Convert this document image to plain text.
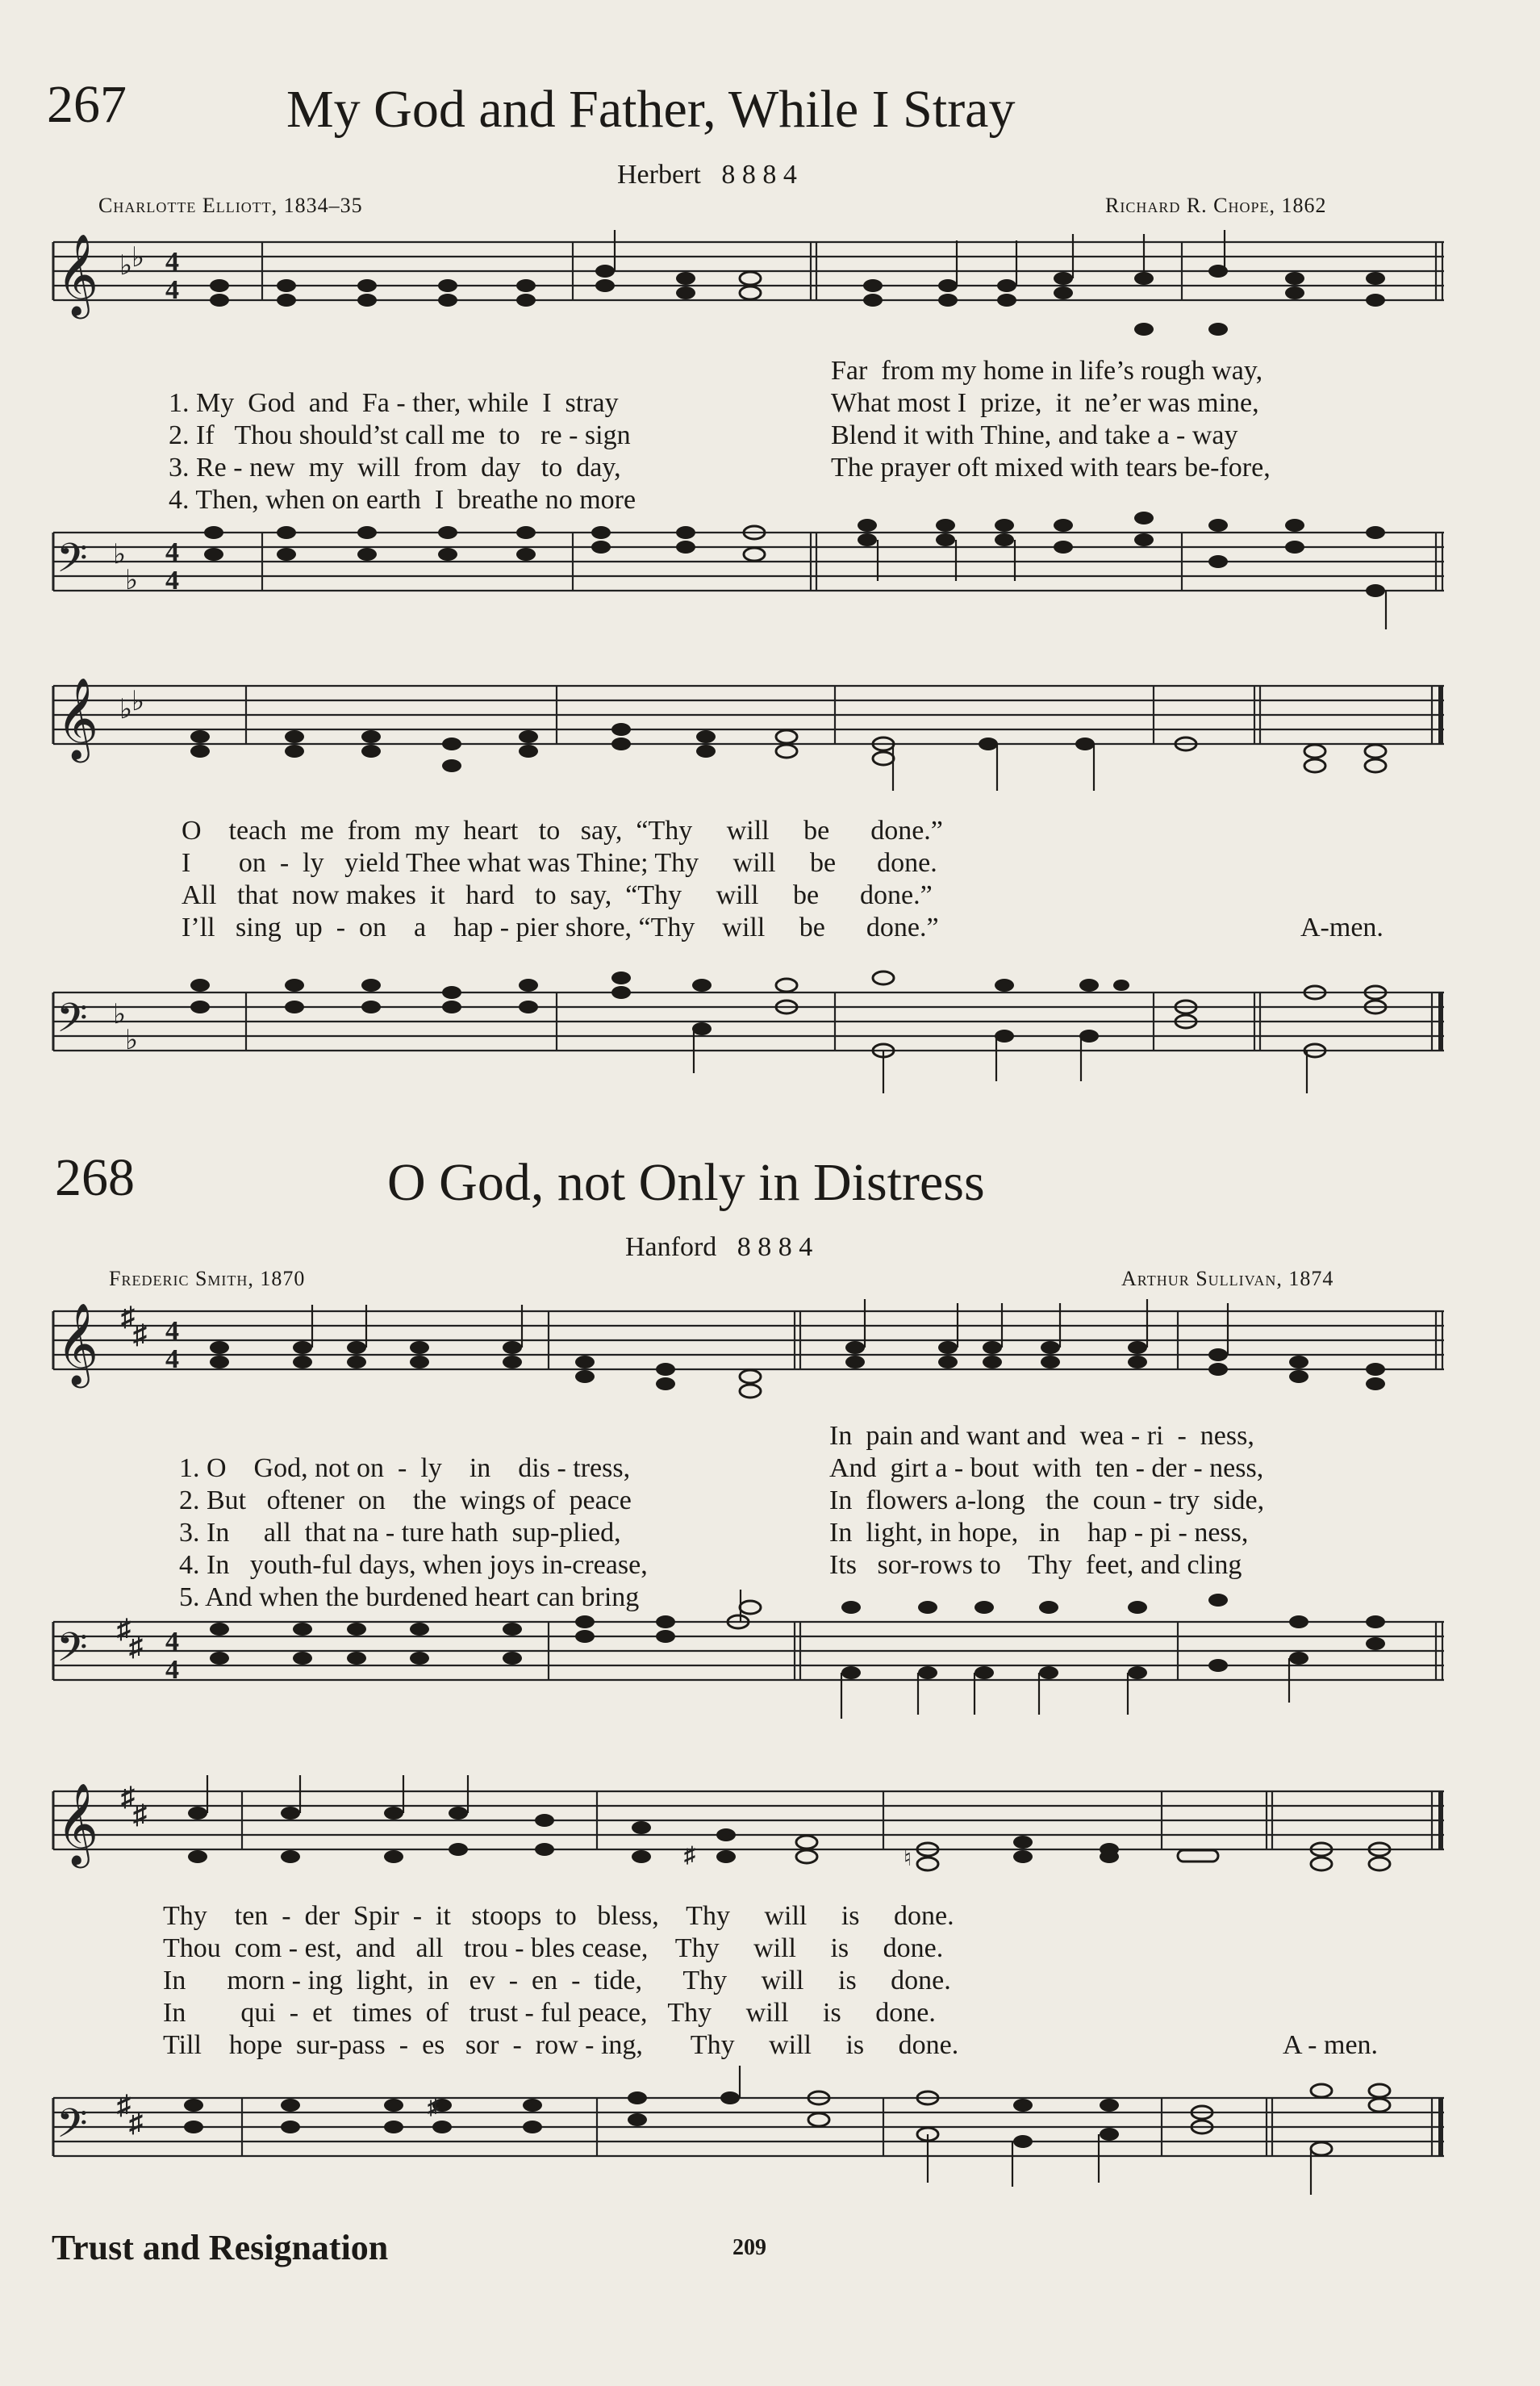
267	My God and Father, While I Stray
Herbert 8 8 8 4
Charlotte Elliott, 1834–35	Richard R. Chope, 1862
𝄞 ♭
♭ 4
4

1. My  God  and  Fa - ther, while  I  stray

Far  from my home in life’s rough way,

2. If   Thou should’st call me  to   re - sign

What most I  prize,  it  ne’er was mine,

3. Re - new  my  will  from  day   to  day,

Blend it with Thine, and take a - way

4. Then, when on earth  I  breathe no more

The prayer oft mixed with tears be-fore,
𝄢 ♭
♭
4
4
𝄞 ♭
♭
O    teach  me  from  my  heart   to   say,  “Thy     will     be      done.”
I       on  -  ly   yield Thee what was Thine; Thy     will     be      done.
All   that  now makes  it   hard   to  say,  “Thy     will     be      done.”
I’ll   sing  up  -  on    a    hap - pier shore, “Thy    will     be      done.”	A-men.
𝄢 ♭
♭
268	O God, not Only in Distress
Hanford 8 8 8 4
Frederic Smith, 1870	Arthur Sullivan, 1874
𝄞 ♯
♯ 4
4

1. O    God, not on  -  ly    in    dis - tress,

In  pain and want and  wea - ri  -  ness,

2. But   oftener  on    the  wings of  peace

And  girt a - bout  with  ten - der - ness,

3. In     all  that na - ture hath  sup-plied,

In  flowers a-long   the  coun - try  side,

4. In   youth-ful days, when joys in-crease,

In  light, in hope,   in    hap - pi - ness,

5. And when the burdened heart can bring

Its   sor-rows to    Thy  feet, and cling
𝄢 ♯
♯ 4
4
𝄞 ♯
♯
♯	♮
Thy    ten  -  der  Spir  -  it   stoops  to   bless,    Thy     will     is     done.
Thou  com - est,  and   all   trou - bles cease,    Thy     will     is     done.
In      morn - ing  light,  in   ev  -  en  -  tide,      Thy     will     is     done.
In        qui  -  et   times  of   trust - ful peace,   Thy     will     is     done.
Till    hope  sur-pass  -  es   sor  -  row - ing,       Thy     will     is     done.	A - men.
𝄢 ♯
♯
♯
Trust and Resignation	209
